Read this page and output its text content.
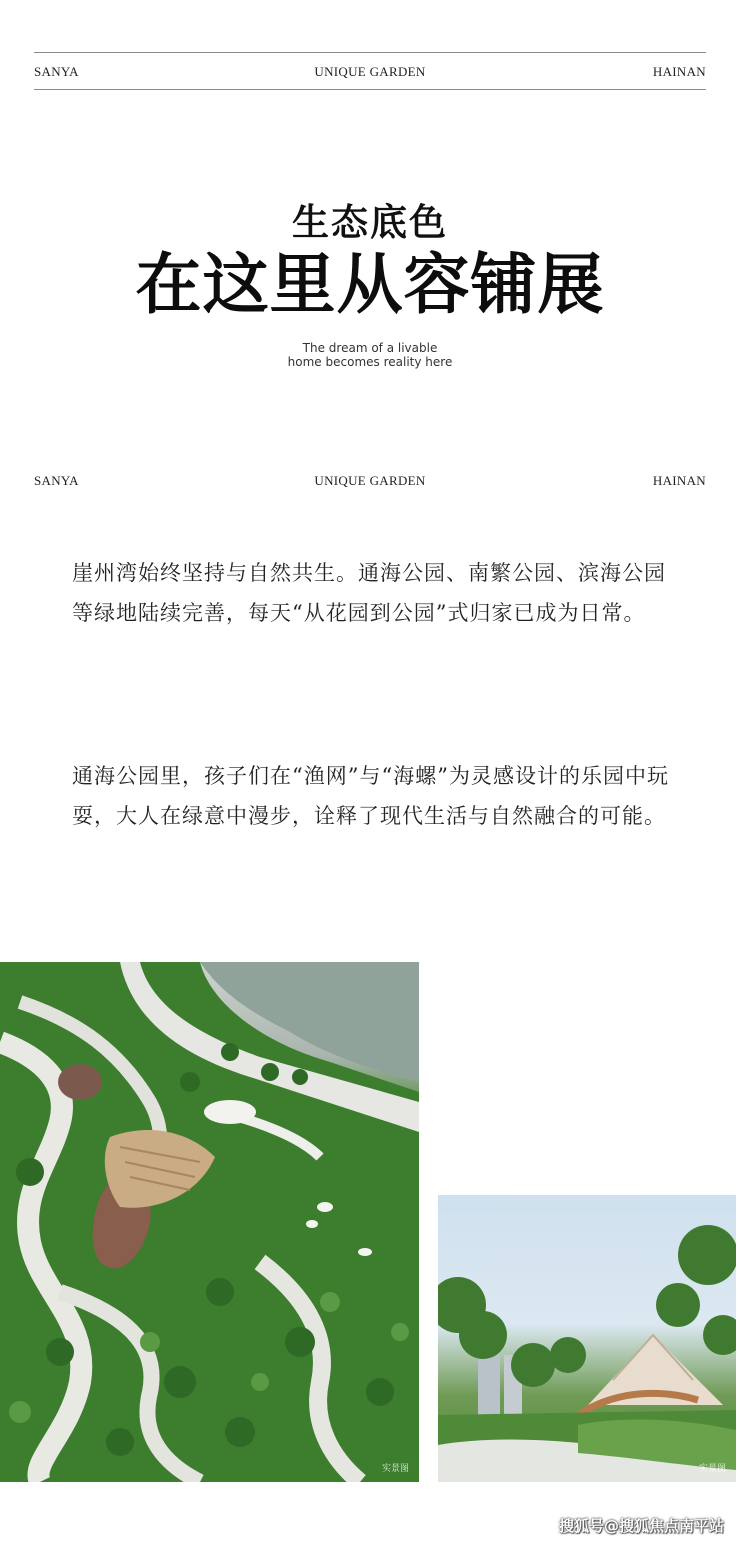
SANYA	UNIQUE GARDEN	HAINAN
生态底色
在这里从容铺展
The dream of a livable
home becomes reality here
SANYA	UNIQUE GARDEN	HAINAN
崖州湾始终坚持与自然共生。通海公园、南繁公园、滨海公园等绿地陆续完善，每天“从花园到公园”式归家已成为日常。
通海公园里，孩子们在“渔网”与“海螺”为灵感设计的乐园中玩耍，大人在绿意中漫步，诠释了现代生活与自然融合的可能。
实景图	实景图
搜狐号@搜狐焦点南平站
